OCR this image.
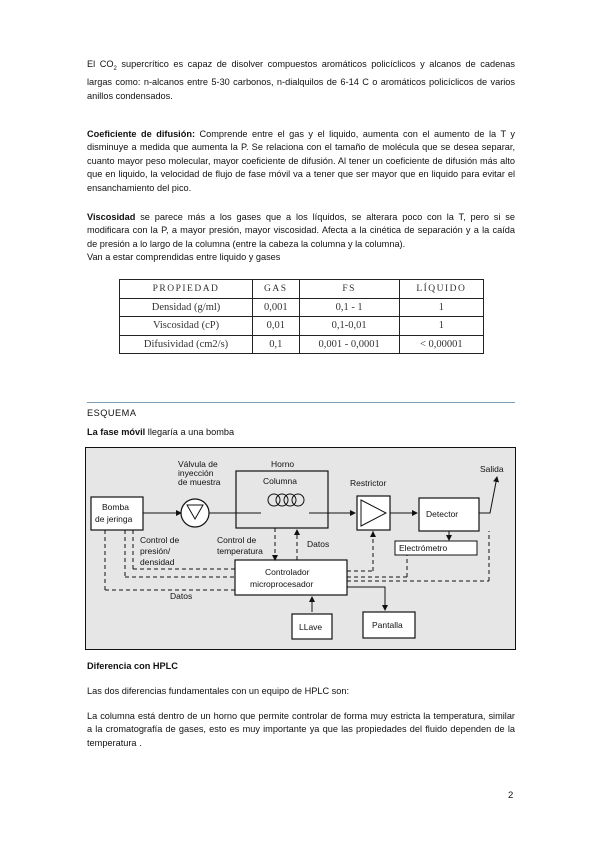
El $CO_2$ supercrítico es capaz de disolver compuestos aromáticos policíclicos y alcanos de cadenas largas como: n-alcanos entre 5-30 carbonos, n-dialquilos de 6-14 C o aromáticos policíclicos de varios anillos condensados.

Coeficiente de difusión: Comprende entre el gas y el liquido, aumenta con el aumento de la T y disminuye a medida que aumenta la P. Se relaciona con el tamaño de molécula que se desea separar, cuanto mayor peso molecular, mayor coeficiente de difusión. Al tener un coeficiente de difusión más alto que en liquido, la velocidad de flujo de fase móvil va a tener que ser mayor que en liquido para evitar el ensanchamiento del pico.

Viscosidad se parece más a los gases que a los líquidos, se alterara poco con la T, pero si se modificara con la P, a mayor presión, mayor viscosidad. Afecta a la cinética de separación y a la caída de presión a lo largo de la columna (entre la cabeza la columna y la columna).
Van a estar comprendidas entre liquido y gases

PROPIEDAD	GAS	FS	LÍQUIDO
Densidad (g/ml)	0,001	0,1 - 1	1
Viscosidad (cP)	0,01	0,1-0,01	1
Difusividad (cm2/s)	0,1	0,001 - 0,0001	< 0,00001
ESQUEMA
La fase móvil llegaría a una bomba
Horno
Columna
Válvula de
inyección
de muestra
Bomba
de jeringa
Restrictor
Detector
Salida
Electrómetro
Controlador
microprocesador
LLave	Pantalla
Control de
presión/
densidad
Control de
temperatura
Datos
Datos
Diferencia con HPLC
Las dos diferencias fundamentales con un equipo de HPLC son:

La columna está dentro de un horno que permite controlar de forma muy estricta la temperatura, similar a la cromatografía de gases, esto es muy importante ya que las propiedades del fluido dependen de la temperatura .

2
